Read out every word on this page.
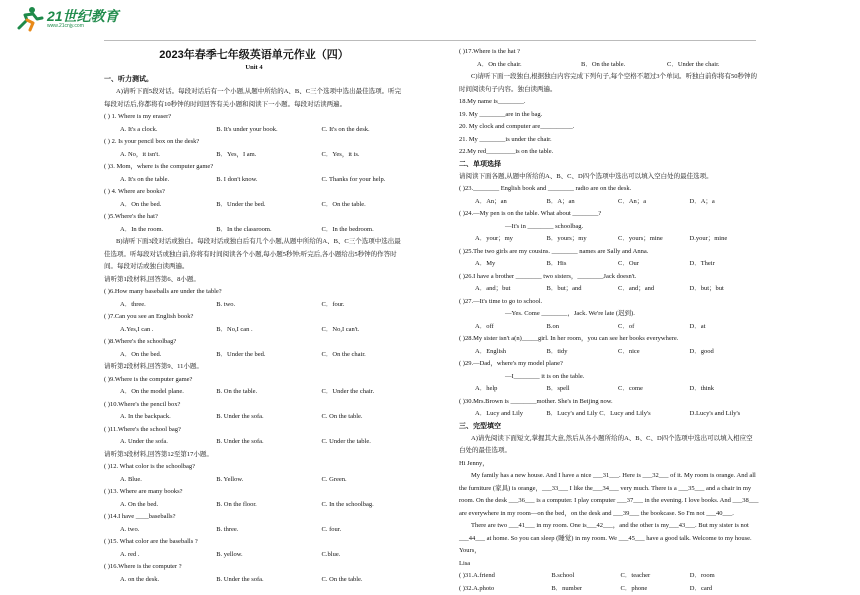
21世纪教育
www.21cnjy.com
2023年春季七年级英语单元作业（四）
Unit 4
一、听力测试。

A)请听下面5段对话。每段对话后有一个小题,从题中所给的A、B、C三个选项中选出最佳选项。听完每段对话后,你都将有10秒钟的时间回答有关小题和阅读下一小题。每段对话读两遍。

( ) 1. Where is my eraser?
A. It's a clock.	B. It's under your book.	C. It's on the desk.
( ) 2. Is your pencil box on the desk?
A. No，it isn't.	B．Yes，I am.	C．Yes，it is.
( )3. Mom，where is the computer game?
A. It's on the table.	B. I don't know.	C. Thanks for your help.
( ) 4. Where are books?
A．On the bed.	B．Under the bed.	C．On the table.
( )5.Where's the hat?
A．In the room.	B．In the classroom.	C．In the bedroom.

B)请听下面3段对话或独白。每段对话或独白后有几个小题,从题中所给的A、B、C三个选项中选出最佳选项。听每段对话或独白前,你将有时间阅读各个小题,每小题5秒钟;听完后,各小题给出5秒钟的作答时间。每段对话或独白读两遍。

请听第1段材料,回答第6、8小题。
( )6.How many baseballs are under the table?
A．three.	B. two.	C．four.
( )7.Can you see an English book?
A.Yes,I can .	B．No,I can .	C．No,I can't.
( )8.Where's the schoolbag?
A．On the bed.	B．Under the bed.	C．On the chair.
请听第2段材料,回答第9、11小题。
( )9.Where is the computer game?
A．On the model plane.	B. On the table.	C．Under the chair.
( )10.Where's the pencil box?
A. In the backpack.	B. Under the sofa.	C. On the table.
( )11.Where's the school bag?
A. Under the sofa.	B. Under the sofa.	C. Under the table.
请听第3段材料,回答第12至第17小题。
( )12. What color is the schoolbag?
A. Blue.	B. Yellow.	C. Green.
( )13. Where are many books?
A. On the bed.	B. On the floor.	C. In the schoolbag.
( )14.I have ____baseballs?
A. two.	B. three.	C. four.
( )15. What color are the baseballs ?
A. red .	B. yellow.	C.blue.
( )16.Where is the computer ?
A. on the desk.	B. Under the sofa.	C. On the table.
( )17.Where is the hat ?
A．On the chair.	B．On the table.	C．Under the chair.

C)请听下面一段独白,根据独白内容完成下列句子,每个空格不超过3个单词。听独白前你将有50秒钟的时间阅读句子内容。独白读两遍。

18.My name is________.
19. My ________are in the bag.
20. My clock and computer are__________.
21. My ________is under the chair.
22.My red_________is on the table.
二、单项选择
请阅读下面各题,从题中所给的A、B、C、D四个选项中选出可以填入空白处的最佳选项。
( )23.________ English book and ________ radio are on the desk.
A．An；an	B．A；an	C．An；a	D．A；a
( )24.—My pen is on the table. What about ________?
—It's in ________ schoolbag.
A．your；my	B．yours；my	C．yours；mine	D.your；mine
( )25.The two girls are my cousins. ________ names are Sally and Anna.
A．My	B．His	C．Our	D．Their
( )26.I have a brother ________ two sisters，________Jack doesn't.
A．and；but	B．but；and	C．and；and	D．but；but
( )27.—It's time to go to school.
—Yes. Come ________，Jack. We're late (迟到).
A．off	B.on	C．of	D．at
( )28.My sister isn't a(n)_____girl. In her room，you can see her books everywhere.
A．English	B．tidy	C．nice	D．good
( )29.—Dad，where's my model plane?
—I________ it is on the table.
A．help	B．spell	C．come	D．think
( )30.Mrs.Brown is ________mother. She's in Beijing now.
A．Lucy and Lily	B．Lucy's and Lily C．Lucy and Lily's	D.Lucy's and Lily's
三、完型填空

A)请先阅读下面短文,掌握其大意,然后从各小题所给的A、B、C、D四个选项中选出可以填入相应空白处的最佳选项。

Hi Jenny，

My family has a new house. And I have a nice ___31___. Here is ___32___ of it. My room is orange. And all the furniture (家具) is orange，___33___ I like the___34___ very much. There is a ___35___ and a chair in my room. On the desk ___36___ is a computer. I play computer ___37___ in the evening. I love books. And ___38___ are everywhere in my room—on the bed，on the desk and ___39___ the bookcase. So I'm not ___40___.

There are two ___41___ in my room. One is___42___，and the other is my___43___. But my sister is not ___44___ at home. So you can sleep (睡觉) in my room. We ___45___ have a good talk. Welcome to my house.

Yours，
Lisa
( )31.A.friend	B.school	C．teacher	D．room
( )32.A.photo	B．number	C．phone	D．card
